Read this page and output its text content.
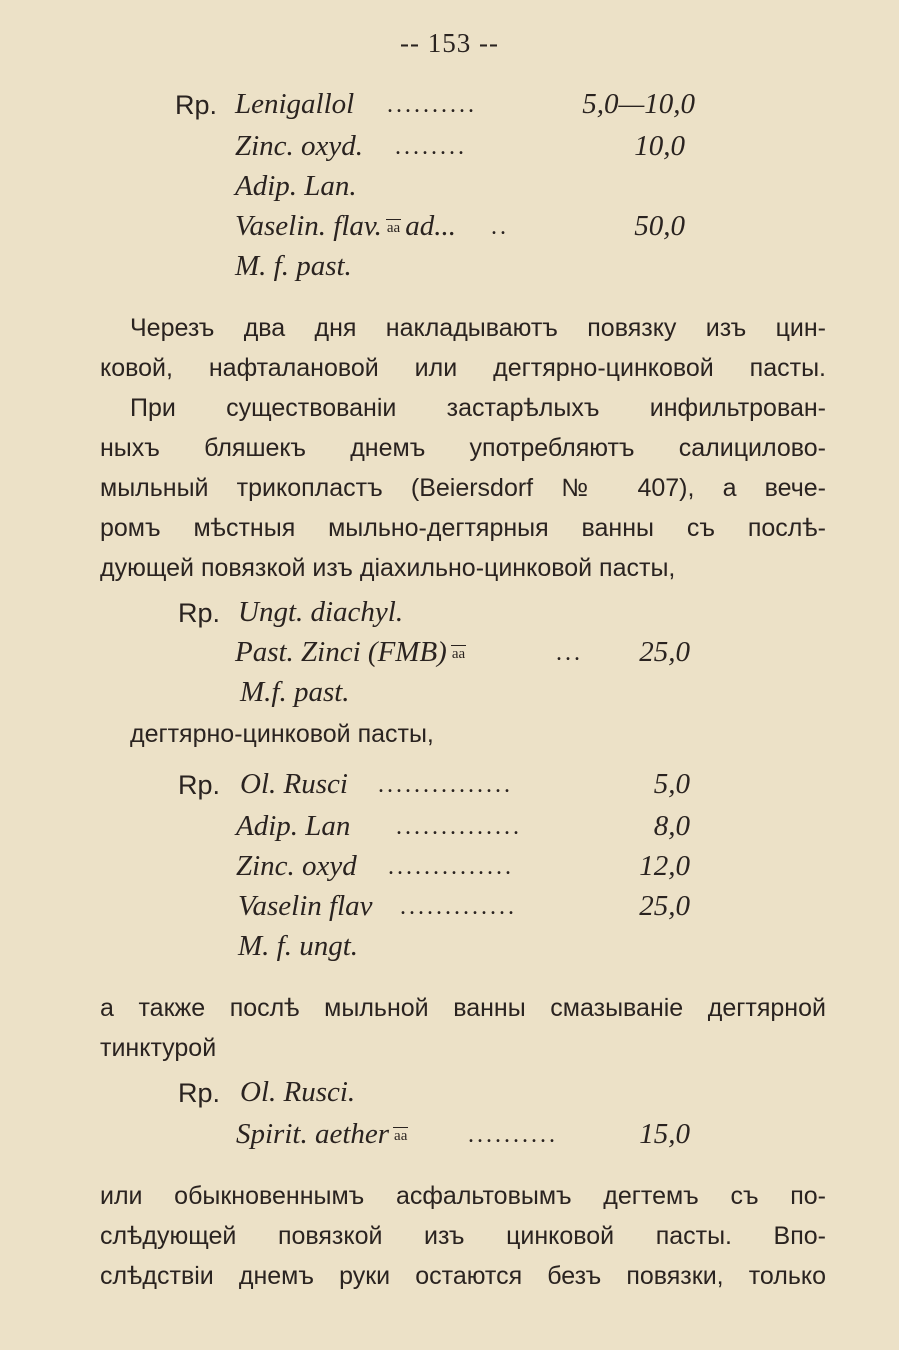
-- 153 --
Rp. Lenigallol ..........	5,0—10,0
Zinc. oxyd. ........	10,0
Adip. Lan.
Vaselin. flav. aa ad... ..	50,0
M. f. past.
Черезъ два дня накладываютъ повязку изъ цин-
ковой, нафталановой или дегтярно-цинковой пасты.
При существованіи застарѣлыхъ инфильтрован-
ныхъ бляшекъ днемъ употребляютъ салицилово-
мыльный трикопластъ (Beiersdorf № 407), а вече-
ромъ мѣстныя мыльно-дегтярныя ванны съ послѣ-
дующей повязкой изъ діахильно-цинковой пасты,
Rp. Ungt. diachyl.
Past. Zinci (FMB) aa	...	25,0
M.f. past.
дегтярно-цинковой пасты,
Rp. Ol. Rusci ...............	5,0
Adip. Lan ..............	8,0
Zinc. oxyd ..............	12,0
Vaselin flav .............	25,0
M. f. ungt.
а также послѣ мыльной ванны смазываніе дегтярной
тинктурой
Rp. Ol. Rusci.
Spirit. aether aa	..........	15,0
или обыкновеннымъ асфальтовымъ дегтемъ съ по-
слѣдующей повязкой изъ цинковой пасты. Впо-
слѣдствіи днемъ руки остаются безъ повязки, только
